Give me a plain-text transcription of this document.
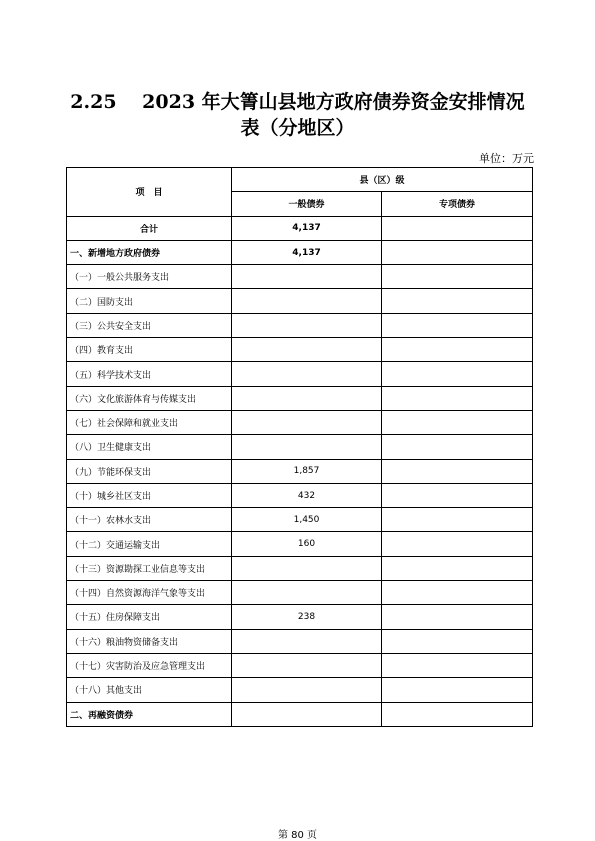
2.25　 2023 年大箐山县地方政府债券资金安排情况
表（分地区）
单位：万元
项　目	县（区）级	
	一般债券	专项债券
合计	4,137	
一、新增地方政府债券	4,137	
（一）一般公共服务支出		
（二）国防支出		
（三）公共安全支出		
（四）教育支出		
（五）科学技术支出		
（六）文化旅游体育与传媒支出		
（七）社会保障和就业支出		
（八）卫生健康支出		
（九）节能环保支出	1,857	
（十）城乡社区支出	432	
（十一）农林水支出	1,450	
（十二）交通运输支出	160	
（十三）资源勘探工业信息等支出		
（十四）自然资源海洋气象等支出		
（十五）住房保障支出	238	
（十六）粮油物资储备支出		
（十七）灾害防治及应急管理支出		
（十八）其他支出		
二、再融资债券		
第 80 页
